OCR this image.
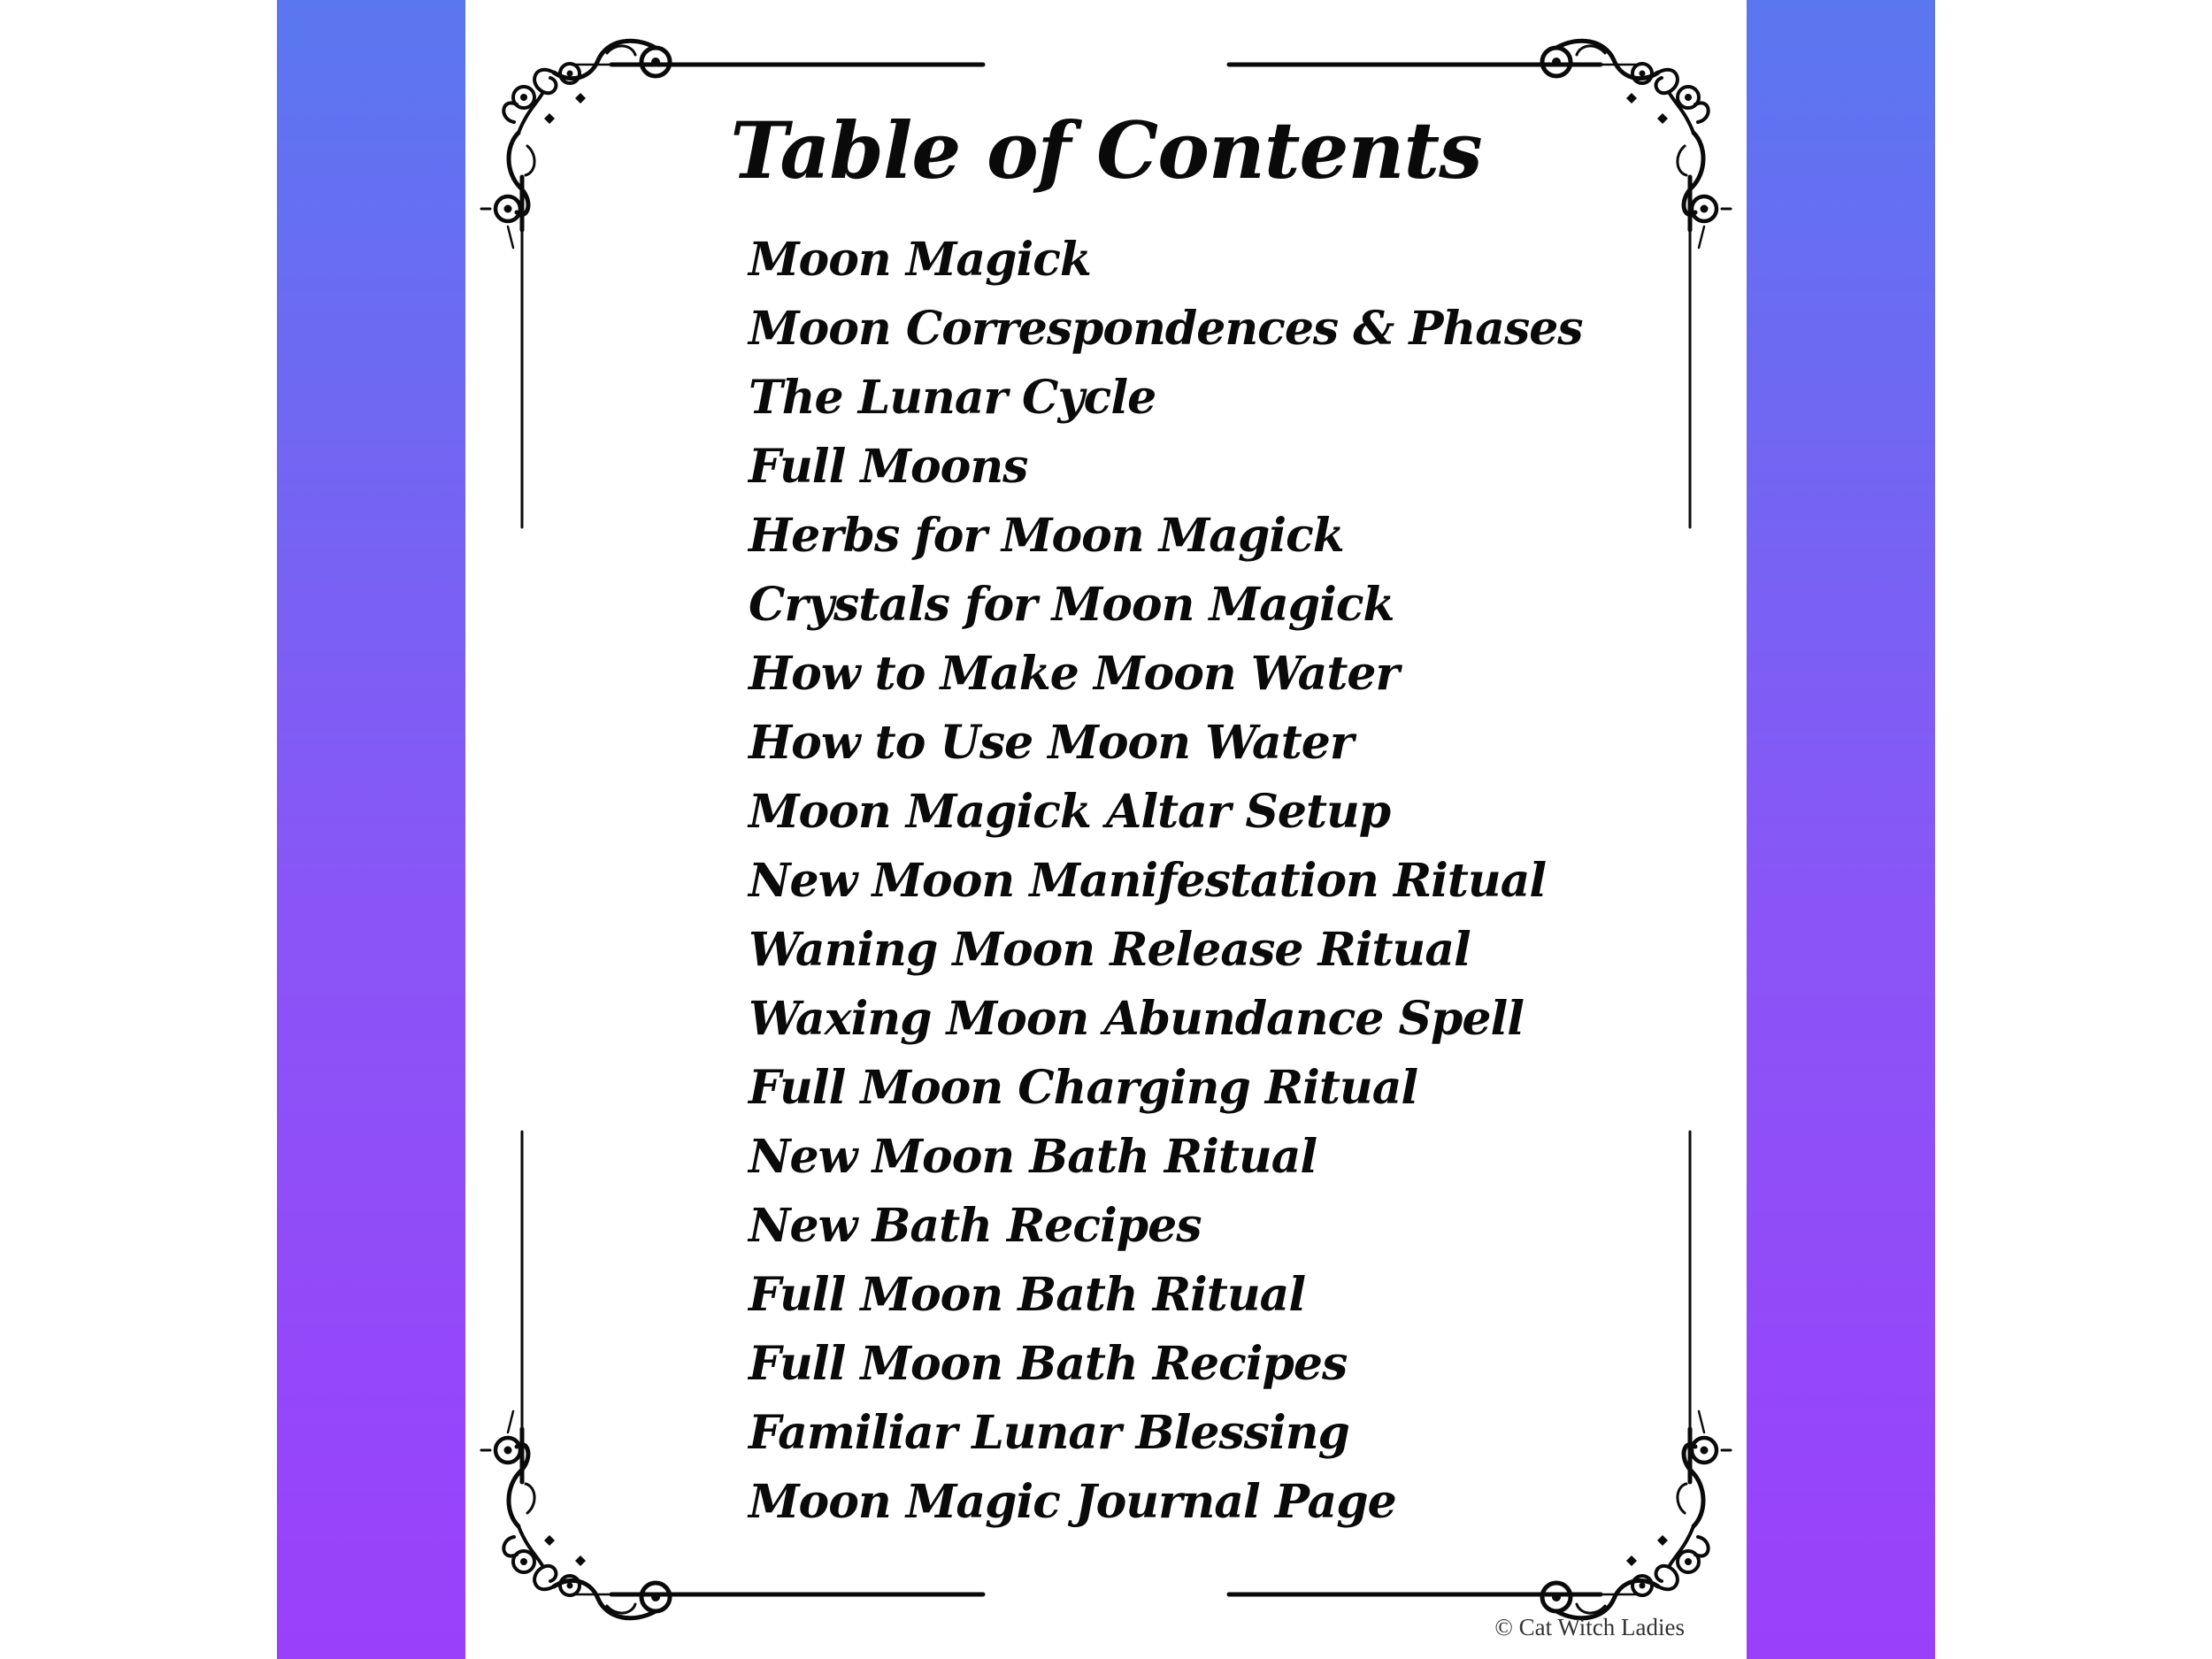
Table of Contents
Moon Magick
Moon Correspondences & Phases
The Lunar Cycle
Full Moons
Herbs for Moon Magick
Crystals for Moon Magick
How to Make Moon Water
How to Use Moon Water
Moon Magick Altar Setup
New Moon Manifestation Ritual
Waning Moon Release Ritual
Waxing Moon Abundance Spell
Full Moon Charging Ritual
New Moon Bath Ritual
New Bath Recipes
Full Moon Bath Ritual
Full Moon Bath Recipes
Familiar Lunar Blessing
Moon Magic Journal Page
© Cat Witch Ladies
